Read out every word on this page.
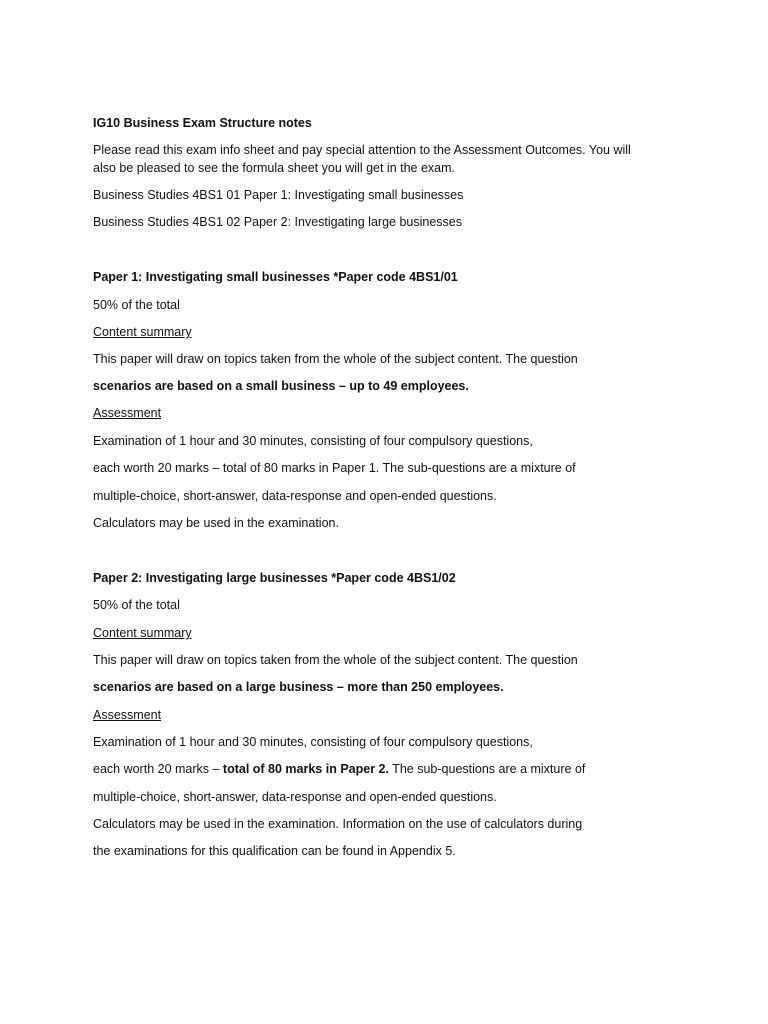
IG10 Business Exam Structure notes
Please read this exam info sheet and pay special attention to the Assessment Outcomes. You will
also be pleased to see the formula sheet you will get in the exam.
Business Studies 4BS1 01 Paper 1: Investigating small businesses
Business Studies 4BS1 02 Paper 2: Investigating large businesses
Paper 1: Investigating small businesses *Paper code 4BS1/01
50% of the total
Content summary
This paper will draw on topics taken from the whole of the subject content. The question
scenarios are based on a small business – up to 49 employees.
Assessment
Examination of 1 hour and 30 minutes, consisting of four compulsory questions,
each worth 20 marks – total of 80 marks in Paper 1. The sub-questions are a mixture of
multiple-choice, short-answer, data-response and open-ended questions.
Calculators may be used in the examination.
Paper 2: Investigating large businesses *Paper code 4BS1/02
50% of the total
Content summary
This paper will draw on topics taken from the whole of the subject content. The question
scenarios are based on a large business – more than 250 employees.
Assessment
Examination of 1 hour and 30 minutes, consisting of four compulsory questions,
each worth 20 marks – total of 80 marks in Paper 2. The sub-questions are a mixture of
multiple-choice, short-answer, data-response and open-ended questions.
Calculators may be used in the examination. Information on the use of calculators during
the examinations for this qualification can be found in Appendix 5.
